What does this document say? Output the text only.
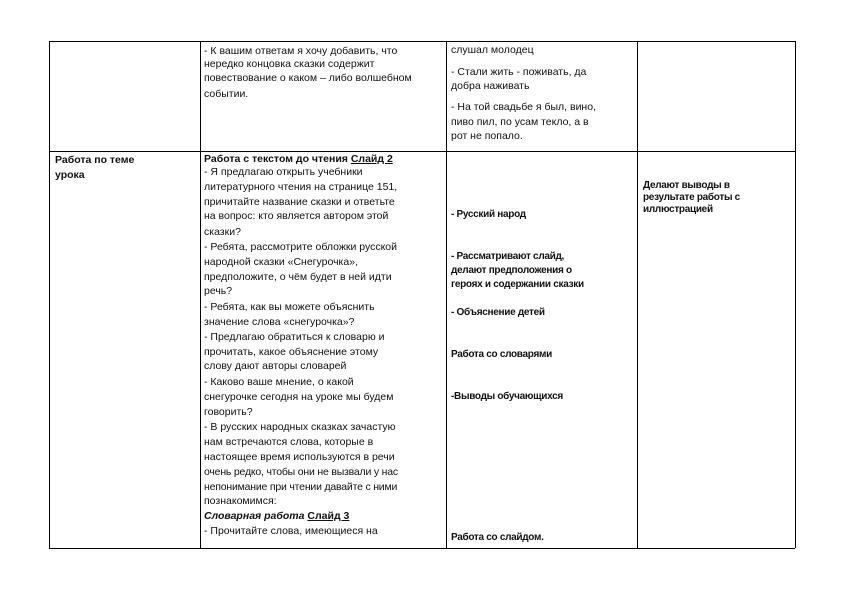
- К вашим ответам я хочу добавить, что
нередко концовка сказки содержит
повествование о каком – либо волшебном
событии.
слушал молодец
- Стали жить - поживать, да
добра наживать
- На той свадьбе я был, вино,
пиво пил, по усам текло, а в
рот не попало.
Работа по теме
урока
Работа с текстом до чтения Слайд 2
- Я предлагаю открыть учебники
литературного чтения на странице 151,
причитайте название сказки и ответьте
на вопрос: кто является автором этой
сказки?
- Ребята, рассмотрите обложки русской
народной сказки «Снегурочка»,
предположите, о чём будет в ней идти
речь?
- Ребята, как вы можете объяснить
значение слова «снегурочка»?
- Предлагаю обратиться к словарю и
прочитать, какое объяснение этому
слову дают авторы словарей
- Каково ваше мнение, о какой
снегурочке сегодня на уроке мы будем
говорить?
- В русских народных сказках зачастую
нам встречаются слова, которые в
настоящее время используются в речи
очень редко, чтобы они не вызвали у нас
непонимание при чтении давайте с ними
познакомимся:
Словарная работа Слайд 3
- Прочитайте слова, имеющиеся на
- Русский народ
- Рассматривают слайд,
делают предположения о
героях и содержании сказки
- Объяснение детей
Работа со словарями
-Выводы обучающихся
Работа со слайдом.
Делают выводы в
результате работы с
иллюстрацией
